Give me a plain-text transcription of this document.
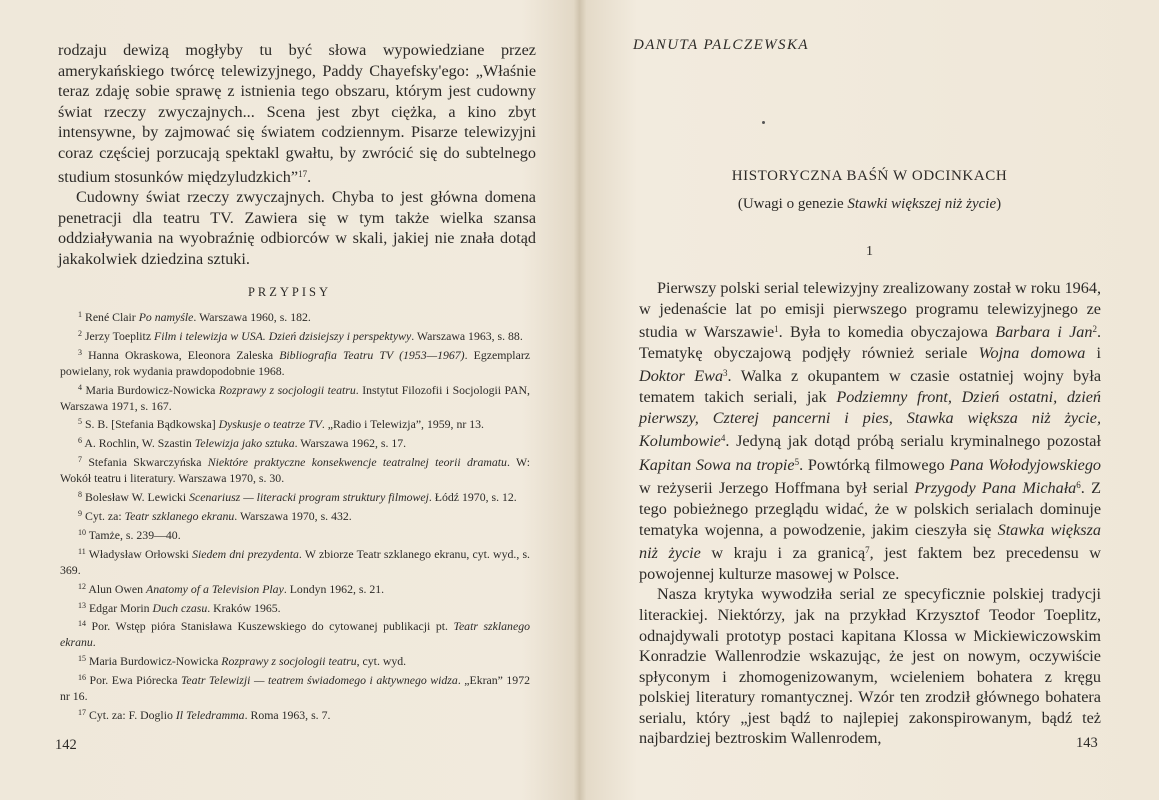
rodzaju dewizą mogłyby tu być słowa wypowiedziane przez amerykańskiego twórcę telewizyjnego, Paddy Chayefsky'ego: „Właśnie teraz zdaję sobie sprawę z istnienia tego obszaru, którym jest cudowny świat rzeczy zwyczajnych... Scena jest zbyt ciężka, a kino zbyt intensywne, by zajmować się światem codziennym. Pisarze telewizyjni coraz częściej porzucają spektakl gwałtu, by zwrócić się do subtelnego studium stosunków międzyludzkich”$^{17}$.

Cudowny świat rzeczy zwyczajnych. Chyba to jest główna domena penetracji dla teatru TV. Zawiera się w tym także wielka szansa oddziaływania na wyobraźnię odbiorców w skali, jakiej nie znała dotąd jakakolwiek dziedzina sztuki.

PRZYPISY

$^1$ René Clair Po namyśle. Warszawa 1960, s. 182.

$^2$ Jerzy Toeplitz Film i telewizja w USA. Dzień dzisiejszy i perspektywy. Warszawa 1963, s. 88.

$^3$ Hanna Okraskowa, Eleonora Zaleska Bibliografia Teatru TV (1953—1967). Egzemplarz powielany, rok wydania prawdopodobnie 1968.

$^4$ Maria Burdowicz-Nowicka Rozprawy z socjologii teatru. Instytut Filozofii i Socjologii PAN, Warszawa 1971, s. 167.

$^5$ S. B. [Stefania Bądkowska] Dyskusje o teatrze TV. „Radio i Telewizja”, 1959, nr 13.

$^6$ A. Rochlin, W. Szastin Telewizja jako sztuka. Warszawa 1962, s. 17.

$^7$ Stefania Skwarczyńska Niektóre praktyczne konsekwencje teatralnej teorii dramatu. W: Wokół teatru i literatury. Warszawa 1970, s. 30.

$^8$ Bolesław W. Lewicki Scenariusz — literacki program struktury filmowej. Łódź 1970, s. 12.

$^9$ Cyt. za: Teatr szklanego ekranu. Warszawa 1970, s. 432.

$^{10}$ Tamże, s. 239—40.

$^{11}$ Władysław Orłowski Siedem dni prezydenta. W zbiorze Teatr szklanego ekranu, cyt. wyd., s. 369.

$^{12}$ Alun Owen Anatomy of a Television Play. Londyn 1962, s. 21.

$^{13}$ Edgar Morin Duch czasu. Kraków 1965.

$^{14}$ Por. Wstęp pióra Stanisława Kuszewskiego do cytowanej publikacji pt. Teatr szklanego ekranu.

$^{15}$ Maria Burdowicz-Nowicka Rozprawy z socjologii teatru, cyt. wyd.

$^{16}$ Por. Ewa Piórecka Teatr Telewizji — teatrem świadomego i aktywnego widza. „Ekran” 1972 nr 16.

$^{17}$ Cyt. za: F. Doglio Il Teledramma. Roma 1963, s. 7.

142
DANUTA PALCZEWSKA
HISTORYCZNA BAŚŃ W ODCINKACH
(Uwagi o genezie Stawki większej niż życie)
1

Pierwszy polski serial telewizyjny zrealizowany został w roku 1964, w jedenaście lat po emisji pierwszego programu telewizyjnego ze studia w Warszawie$^1$. Była to komedia obyczajowa Barbara i Jan$^2$. Tematykę obyczajową podjęły również seriale Wojna domowa i Doktor Ewa$^3$. Walka z okupantem w czasie ostatniej wojny była tematem takich seriali, jak Podziemny front, Dzień ostatni, dzień pierwszy, Czterej pancerni i pies, Stawka większa niż życie, Kolumbowie$^4$. Jedyną jak dotąd próbą serialu kryminalnego pozostał Kapitan Sowa na tropie$^5$. Powtórką filmowego Pana Wołodyjowskiego w reżyserii Jerzego Hoffmana był serial Przygody Pana Michała$^6$. Z tego pobieżnego przeglądu widać, że w polskich serialach dominuje tematyka wojenna, a powodzenie, jakim cieszyła się Stawka większa niż życie w kraju i za granicą$^7$, jest faktem bez precedensu w powojennej kulturze masowej w Polsce.

Nasza krytyka wywodziła serial ze specyficznie polskiej tradycji literackiej. Niektórzy, jak na przykład Krzysztof Teodor Toeplitz, odnajdywali prototyp postaci kapitana Klossa w Mickiewiczowskim Konradzie Wallenrodzie wskazując, że jest on nowym, oczywiście spłyconym i zhomogenizowanym, wcieleniem bohatera z kręgu polskiej literatury romantycznej. Wzór ten zrodził głównego bohatera serialu, który „jest bądź to najlepiej zakonspirowanym, bądź też najbardziej beztroskim Wallenrodem,	143
